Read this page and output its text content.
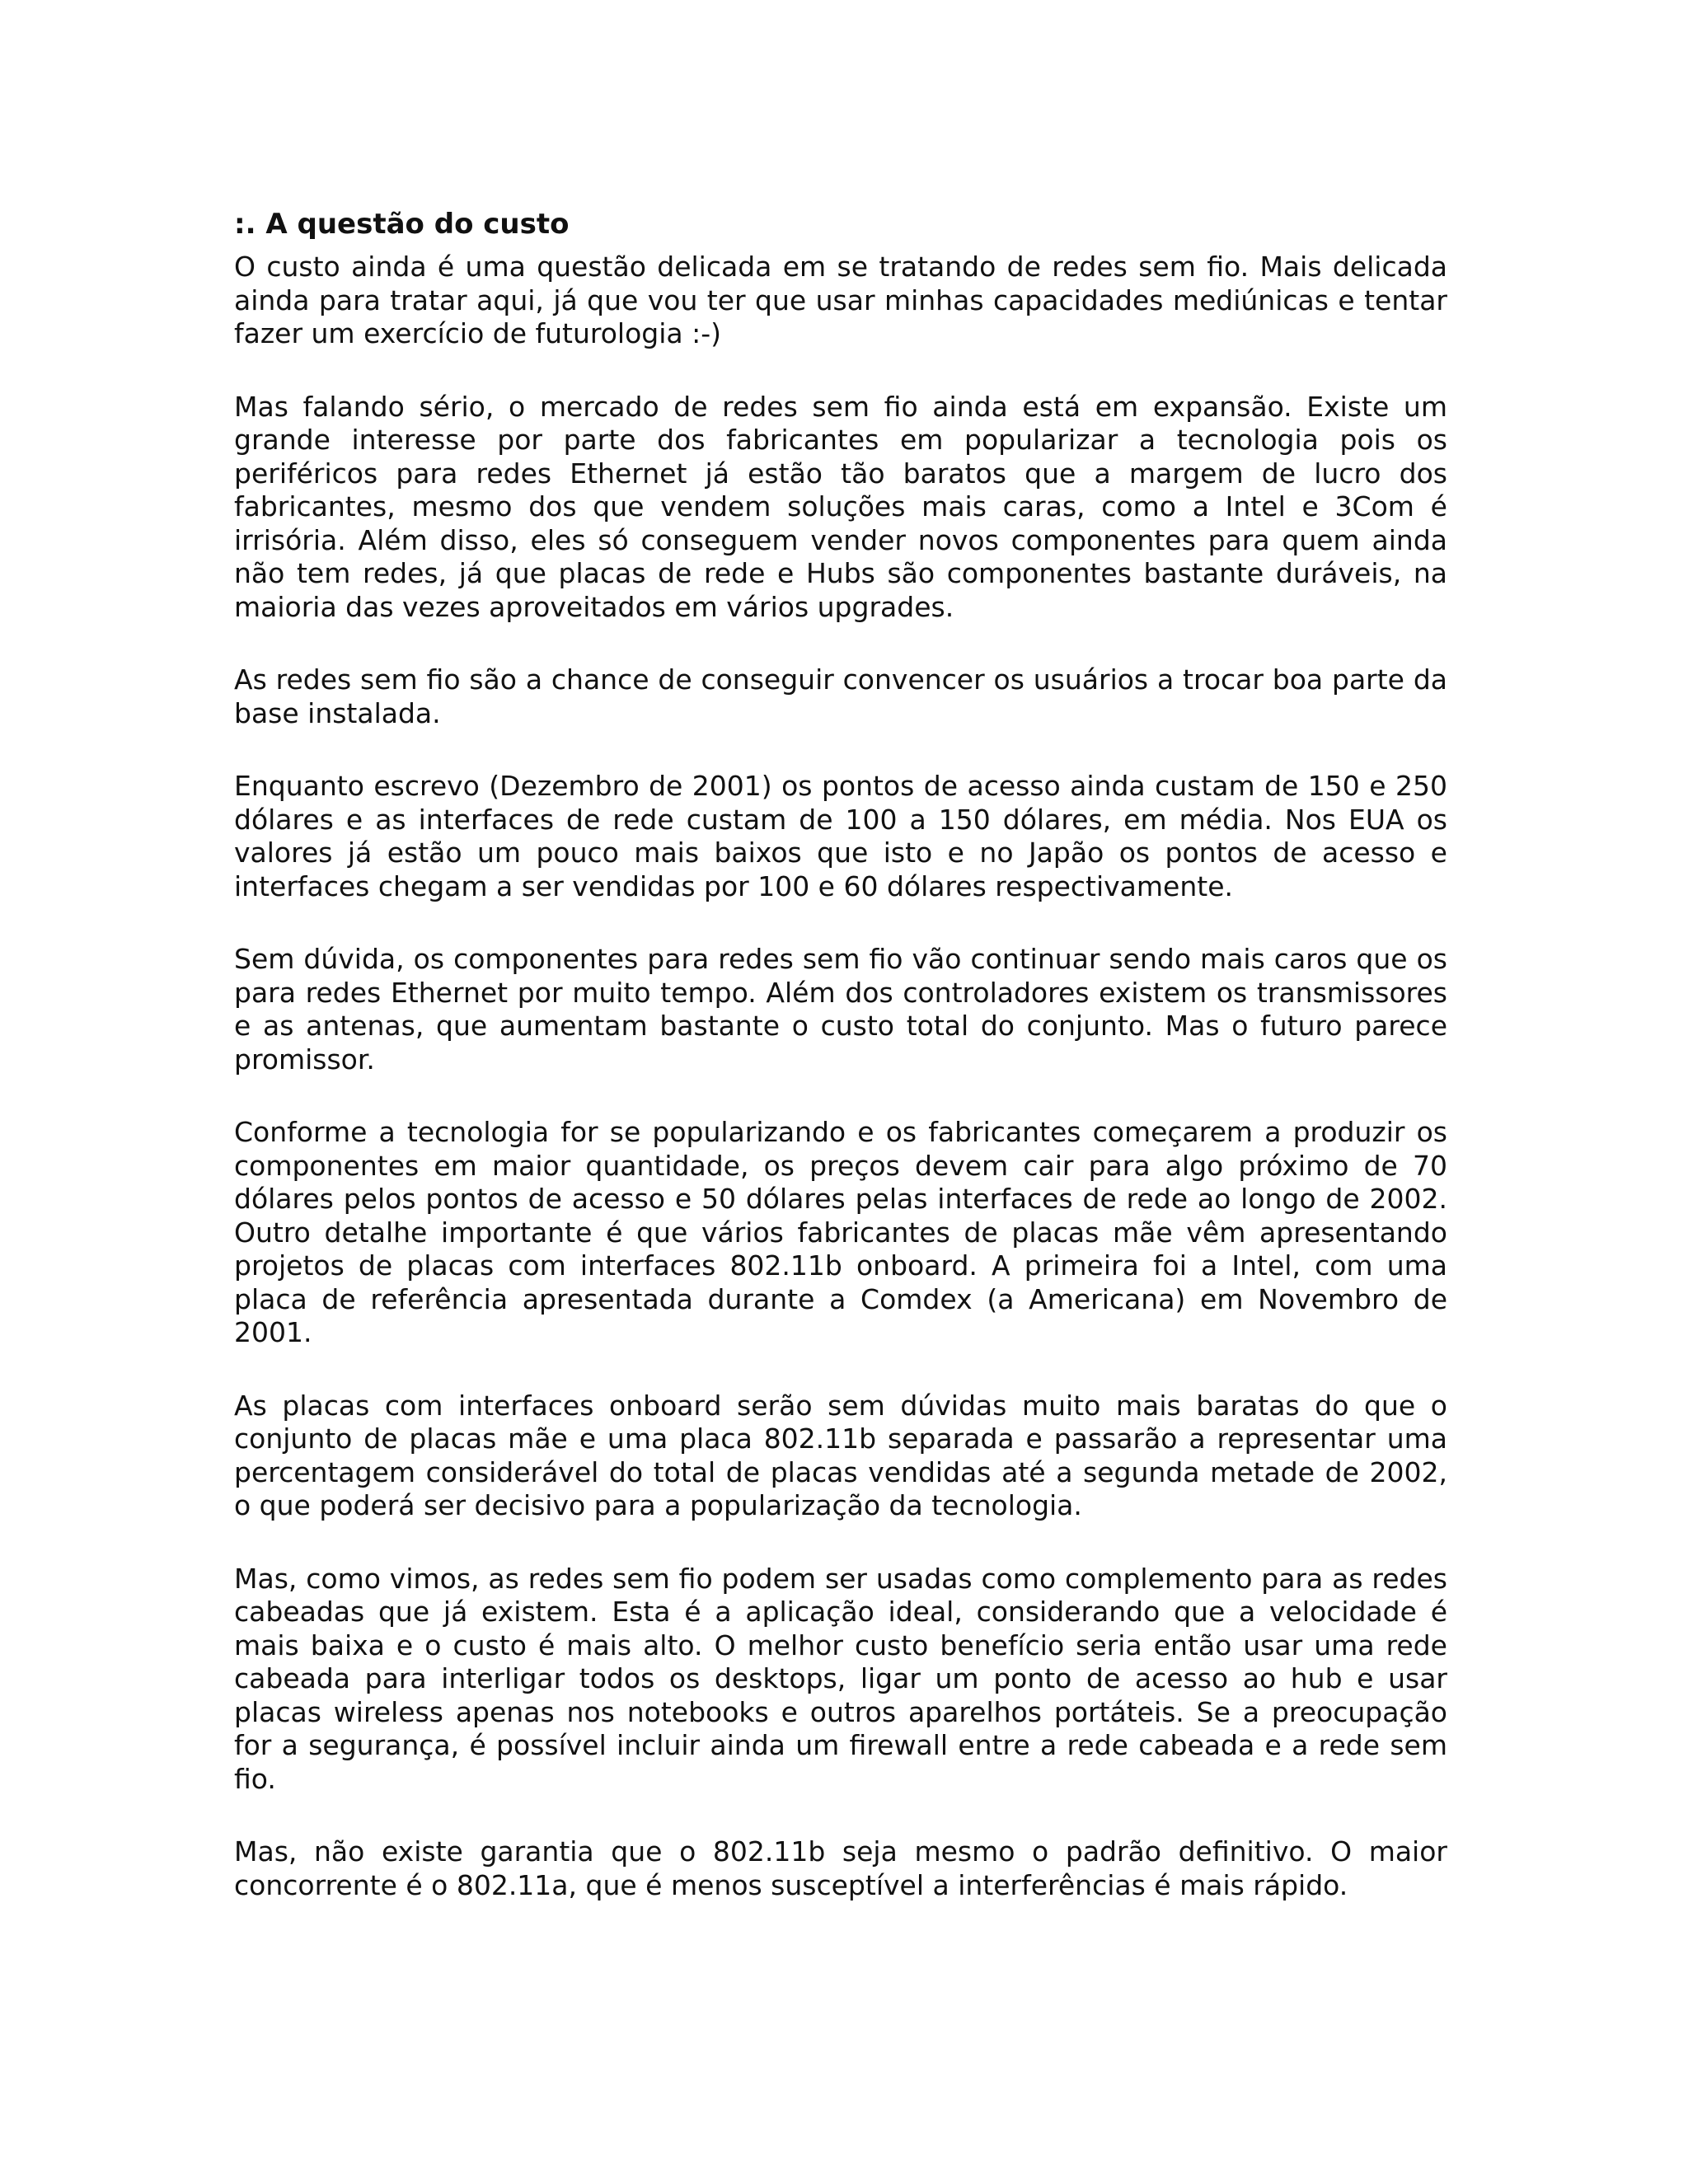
:. A questão do custo

O custo ainda é uma questão delicada em se tratando de redes sem fio. Mais delicada ainda para tratar aqui, já que vou ter que usar minhas capacidades mediúnicas e tentar fazer um exercício de futurologia :-)

Mas falando sério, o mercado de redes sem fio ainda está em expansão. Existe um grande interesse por parte dos fabricantes em popularizar a tecnologia pois os periféricos para redes Ethernet já estão tão baratos que a margem de lucro dos fabricantes, mesmo dos que vendem soluções mais caras, como a Intel e 3Com é irrisória. Além disso, eles só conseguem vender novos componentes para quem ainda não tem redes, já que placas de rede e Hubs são componentes bastante duráveis, na maioria das vezes aproveitados em vários upgrades.

As redes sem fio são a chance de conseguir convencer os usuários a trocar boa parte da base instalada.

Enquanto escrevo (Dezembro de 2001) os pontos de acesso ainda custam de 150 e 250 dólares e as interfaces de rede custam de 100 a 150 dólares, em média. Nos EUA os valores já estão um pouco mais baixos que isto e no Japão os pontos de acesso e interfaces chegam a ser vendidas por 100 e 60 dólares respectivamente.

Sem dúvida, os componentes para redes sem fio vão continuar sendo mais caros que os para redes Ethernet por muito tempo. Além dos controladores existem os transmissores e as antenas, que aumentam bastante o custo total do conjunto. Mas o futuro parece promissor.

Conforme a tecnologia for se popularizando e os fabricantes começarem a produzir os componentes em maior quantidade, os preços devem cair para algo próximo de 70 dólares pelos pontos de acesso e 50 dólares pelas interfaces de rede ao longo de 2002. Outro detalhe importante é que vários fabricantes de placas mãe vêm apresentando projetos de placas com interfaces 802.11b onboard. A primeira foi a Intel, com uma placa de referência apresentada durante a Comdex (a Americana) em Novembro de 2001.

As placas com interfaces onboard serão sem dúvidas muito mais baratas do que o conjunto de placas mãe e uma placa 802.11b separada e passarão a representar uma percentagem considerável do total de placas vendidas até a segunda metade de 2002, o que poderá ser decisivo para a popularização da tecnologia.

Mas, como vimos, as redes sem fio podem ser usadas como complemento para as redes cabeadas que já existem. Esta é a aplicação ideal, considerando que a velocidade é mais baixa e o custo é mais alto. O melhor custo benefício seria então usar uma rede cabeada para interligar todos os desktops, ligar um ponto de acesso ao hub e usar placas wireless apenas nos notebooks e outros aparelhos portáteis. Se a preocupação for a segurança, é possível incluir ainda um firewall entre a rede cabeada e a rede sem fio.

Mas, não existe garantia que o 802.11b seja mesmo o padrão definitivo. O maior concorrente é o 802.11a, que é menos susceptível a interferências é mais rápido.
